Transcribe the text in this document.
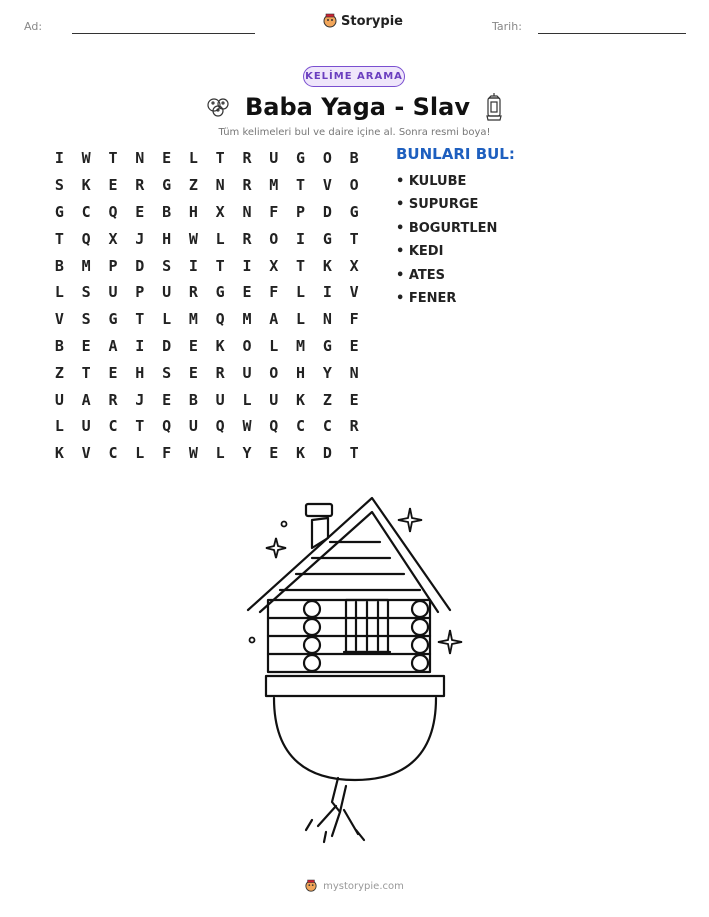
Ad:	Storypie	Tarih:
KELİME ARAMA
Baba Yaga - Slav
Tüm kelimeleri bul ve daire içine al. Sonra resmi boya!
I	W	T	N	E	L	T	R	U	G	O	B
S	K	E	R	G	Z	N	R	M	T	V	O
G	C	Q	E	B	H	X	N	F	P	D	G
T	Q	X	J	H	W	L	R	O	I	G	T
B	M	P	D	S	I	T	I	X	T	K	X
L	S	U	P	U	R	G	E	F	L	I	V
V	S	G	T	L	M	Q	M	A	L	N	F
B	E	A	I	D	E	K	O	L	M	G	E
Z	T	E	H	S	E	R	U	O	H	Y	N
U	A	R	J	E	B	U	L	U	K	Z	E
L	U	C	T	Q	U	Q	W	Q	C	C	R
K	V	C	L	F	W	L	Y	E	K	D	T
BUNLARI BUL:
• KULUBE
• SUPURGE
• BOGURTLEN
• KEDI
• ATES
• FENER
mystorypie.com
